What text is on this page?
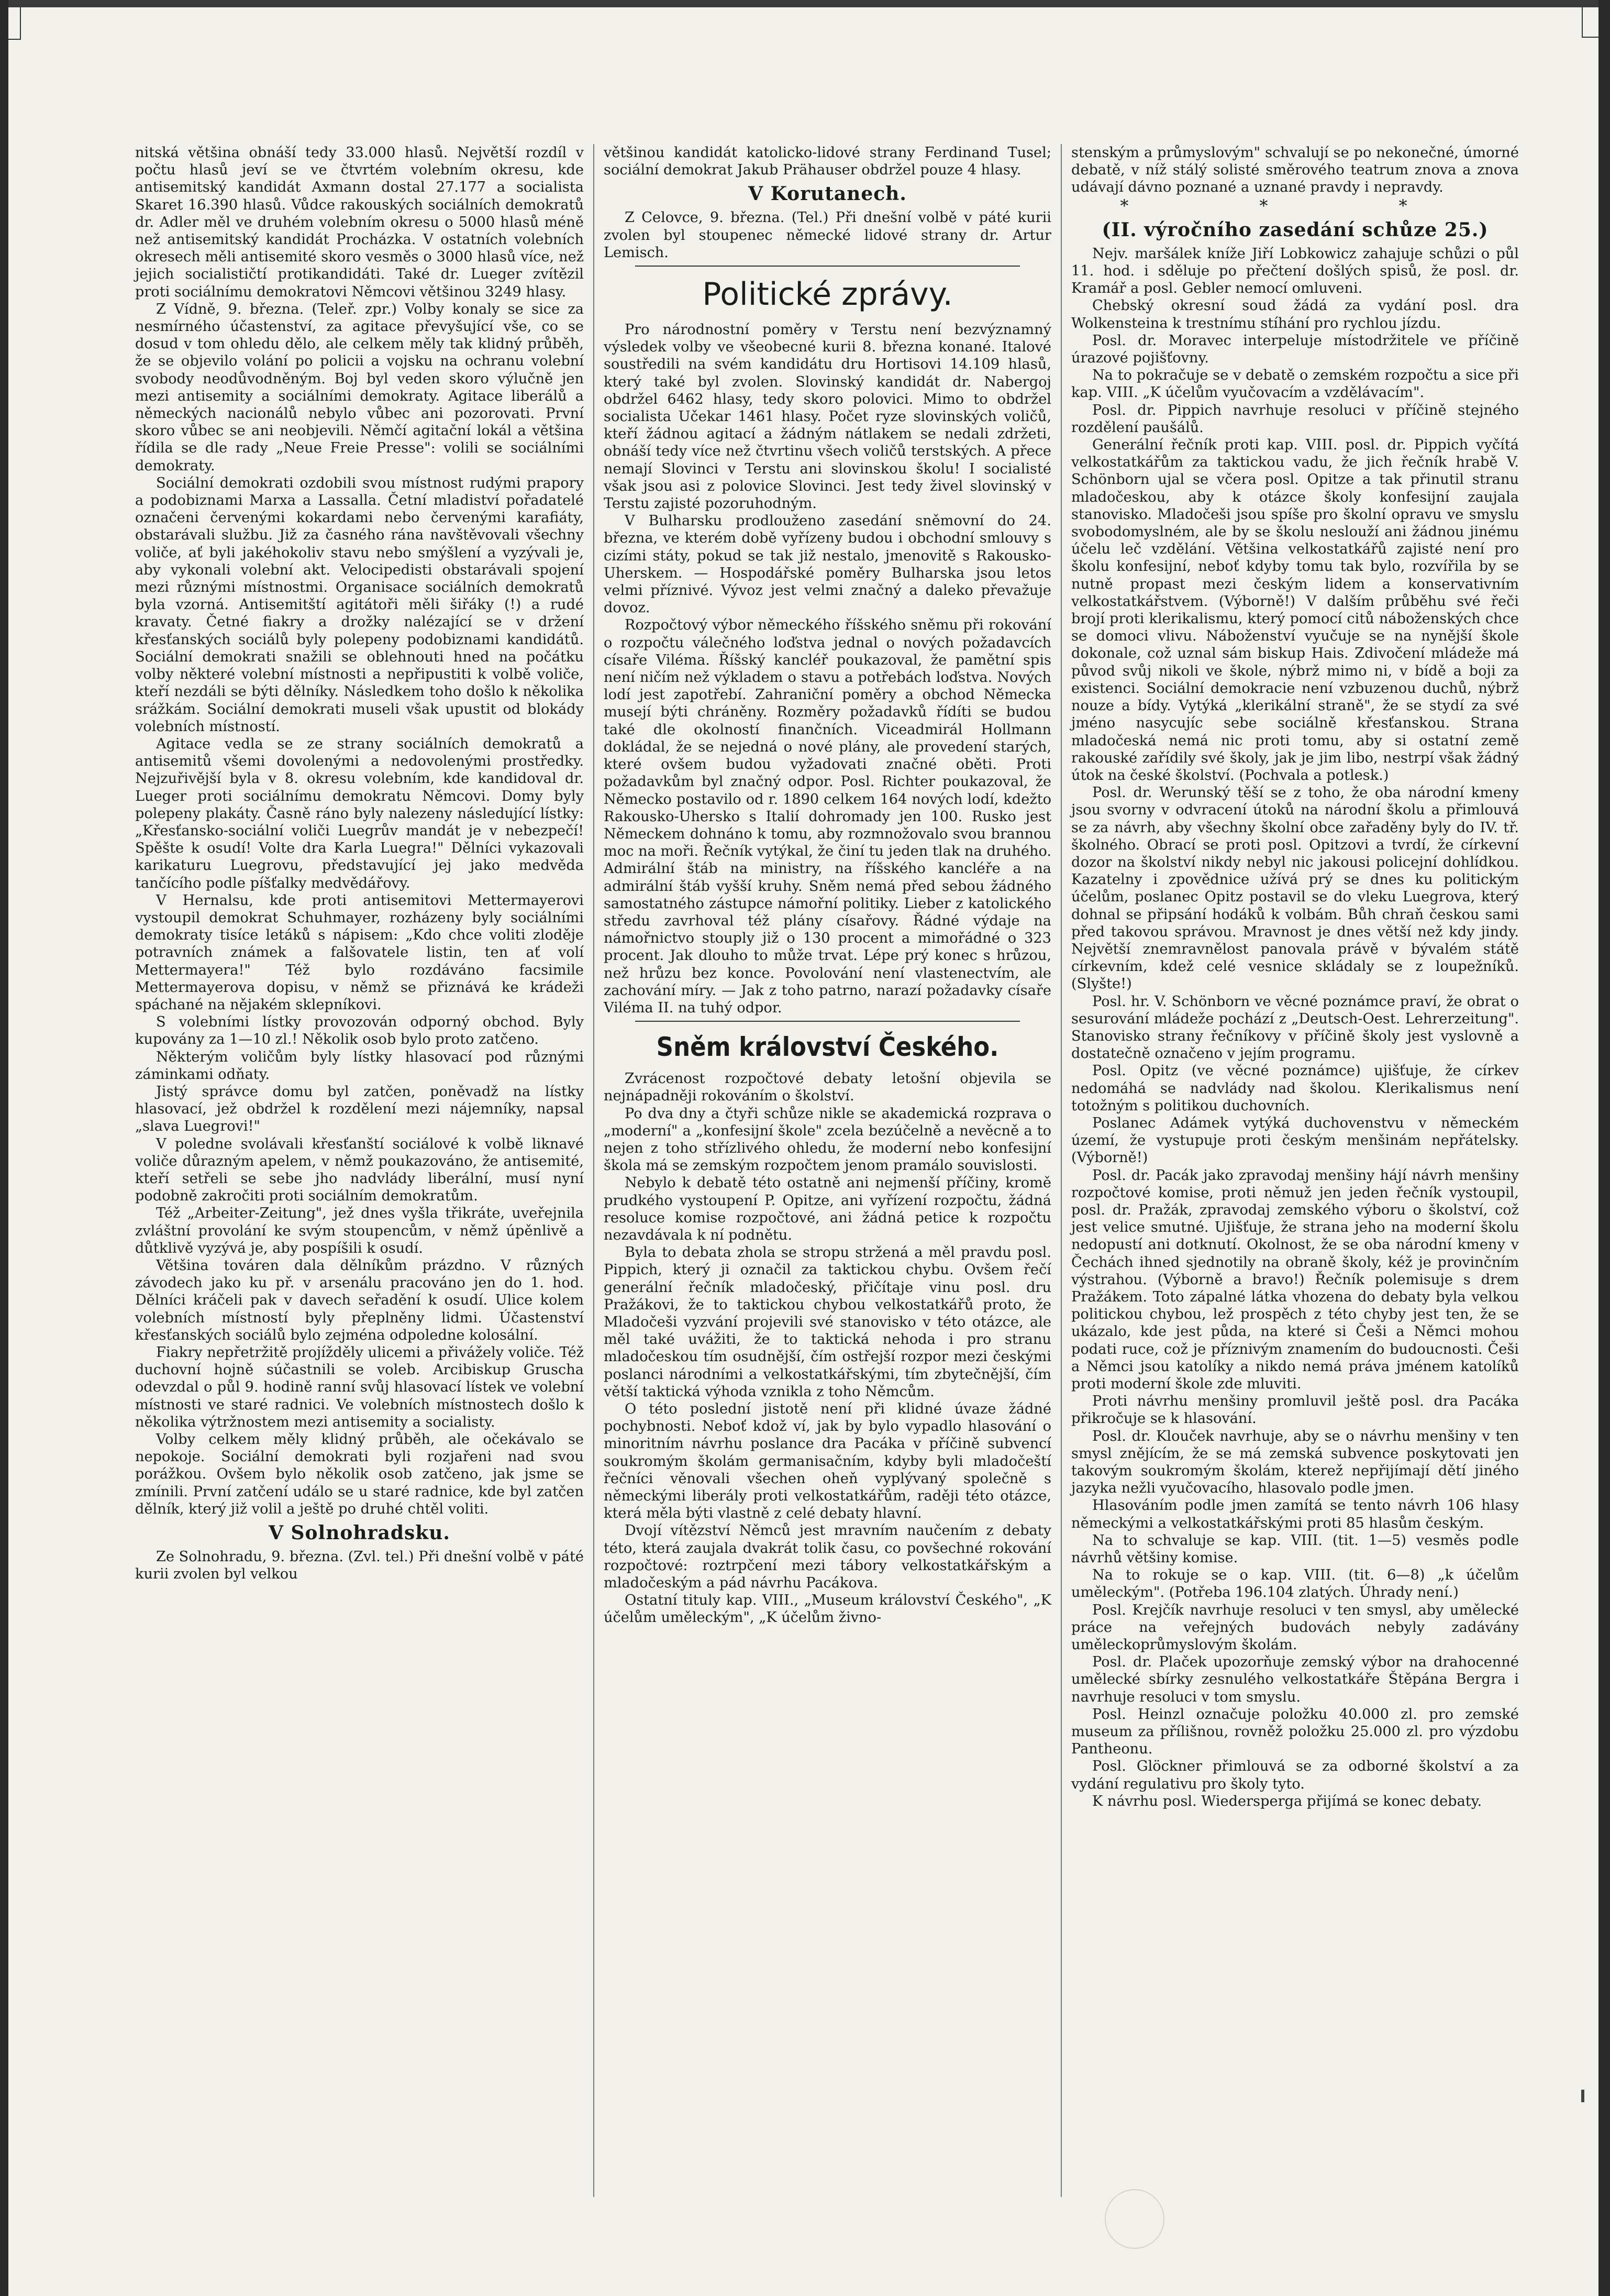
nitská většina obnáší tedy 33.000 hlasů. Největší rozdíl v počtu hlasů jeví se ve čtvrtém volebním okresu, kde antisemitský kandidát Axmann dostal 27.177 a socialista Skaret 16.390 hlasů. Vůdce rakouských sociálních demokratů dr. Adler měl ve druhém volebním okresu o 5000 hlasů méně než antisemitský kandidát Procházka. V ostatních volebních okresech měli antisemité skoro vesměs o 3000 hlasů více, než jejich socialističtí protikandidáti. Také dr. Lueger zvítězil proti sociálnímu demokratovi Němcovi většinou 3249 hlasy.

Z Vídně, 9. března. (Teleř. zpr.) Volby konaly se sice za nesmírného účastenství, za agitace převyšující vše, co se dosud v tom ohledu dělo, ale celkem měly tak klidný průběh, že se objevilo volání po policii a vojsku na ochranu volební svobody neodůvodněným. Boj byl veden skoro výlučně jen mezi antisemity a sociálními demokraty. Agitace liberálů a německých nacionálů nebylo vůbec ani pozorovati. První skoro vůbec se ani neobjevili. Němčí agitační lokál a většina řídila se dle rady „Neue Freie Presse": volili se sociálními demokraty.

Sociální demokrati ozdobili svou místnost rudými prapory a podobiznami Marxa a Lassalla. Četní mladiství pořadatelé označeni červenými kokardami nebo červenými karafiáty, obstarávali službu. Již za časného rána navštěvovali všechny voliče, ať byli jakéhokoliv stavu nebo smýšlení a vyzývali je, aby vykonali volební akt. Velocipedisti obstarávali spojení mezi různými místnostmi. Organisace sociálních demokratů byla vzorná. Antisemitští agitátoři měli šiřáky (!) a rudé kravaty. Četné fiakry a drožky nalézající se v držení křesťanských sociálů byly polepeny podobiznami kandidátů. Sociální demokrati snažili se oblehnouti hned na počátku volby některé volební místnosti a nepřipustiti k volbě voliče, kteří nezdáli se býti dělníky. Následkem toho došlo k několika srážkám. Sociální demokrati museli však upustit od blokády volebních místností.

Agitace vedla se ze strany sociálních demokratů a antisemitů všemi dovolenými a nedovolenými prostředky. Nejzuřivější byla v 8. okresu volebním, kde kandidoval dr. Lueger proti sociálnímu demokratu Němcovi. Domy byly polepeny plakáty. Časně ráno byly nalezeny následující lístky: „Křesťansko-sociální voliči Luegrův mandát je v nebezpečí! Spěšte k osudí! Volte dra Karla Luegra!" Dělníci vykazovali karikaturu Luegrovu, představující jej jako medvěda tančícího podle píšťalky medvědářovy.

V Hernalsu, kde proti antisemitovi Mettermayerovi vystoupil demokrat Schuhmayer, rozházeny byly sociálními demokraty tisíce letáků s nápisem: „Kdo chce voliti zloděje potravních známek a falšovatele listin, ten ať volí Mettermayera!" Též bylo rozdáváno facsimile Mettermayerova dopisu, v němž se přiznává ke krádeži spáchané na nějakém sklepníkovi.

S volebními lístky provozován odporný obchod. Byly kupovány za 1—10 zl.! Několik osob bylo proto zatčeno.

Některým voličům byly lístky hlasovací pod různými záminkami odňaty.

Jistý správce domu byl zatčen, poněvadž na lístky hlasovací, jež obdržel k rozdělení mezi nájemníky, napsal „slava Luegrovi!"

V poledne svolávali křesťanští sociálové k volbě liknavé voliče důrazným apelem, v němž poukazováno, že antisemité, kteří setřeli se sebe jho nadvlády liberální, musí nyní podobně zakročiti proti sociálním demokratům.

Též „Arbeiter-Zeitung", jež dnes vyšla třikráte, uveřejnila zvláštní provolání ke svým stoupencům, v němž úpěnlivě a důtklivě vyzývá je, aby pospíšili k osudí.

Většina továren dala dělníkům prázdno. V různých závodech jako ku př. v arsenálu pracováno jen do 1. hod. Dělníci kráčeli pak v davech seřadění k osudí. Ulice kolem volebních místností byly přeplněny lidmi. Účastenství křesťanských sociálů bylo zejména odpoledne kolosální.

Fiakry nepřetržitě projížděly ulicemi a přivážely voliče. Též duchovní hojně súčastnili se voleb. Arcibiskup Gruscha odevzdal o půl 9. hodině ranní svůj hlasovací lístek ve volební místnosti ve staré radnici. Ve volebních místnostech došlo k několika výtržnostem mezi antisemity a socialisty.

Volby celkem měly klidný průběh, ale očekávalo se nepokoje. Sociální demokrati byli rozjařeni nad svou porážkou. Ovšem bylo několik osob zatčeno, jak jsme se zmínili. První zatčení událo se u staré radnice, kde byl zatčen dělník, který již volil a ještě po druhé chtěl voliti.

V Solnohradsku.

Ze Solnohradu, 9. března. (Zvl. tel.) Při dnešní volbě v páté kurii zvolen byl velkou

většinou kandidát katolicko-lidové strany Ferdinand Tusel; sociální demokrat Jakub Prähauser obdržel pouze 4 hlasy.

V Korutanech.

Z Celovce, 9. března. (Tel.) Při dnešní volbě v páté kurii zvolen byl stoupenec německé lidové strany dr. Artur Lemisch.

Politické zprávy.

Pro národnostní poměry v Terstu není bezvýznamný výsledek volby ve všeobecné kurii 8. března konané. Italové soustředili na svém kandidátu dru Hortisovi 14.109 hlasů, který také byl zvolen. Slovinský kandidát dr. Nabergoj obdržel 6462 hlasy, tedy skoro polovici. Mimo to obdržel socialista Učekar 1461 hlasy. Počet ryze slovinských voličů, kteří žádnou agitací a žádným nátlakem se nedali zdržeti, obnáší tedy více než čtvrtinu všech voličů terstských. A přece nemají Slovinci v Terstu ani slovinskou školu! I socialisté však jsou asi z polovice Slovinci. Jest tedy živel slovinský v Terstu zajisté pozoruhodným.

V Bulharsku prodlouženo zasedání sněmovní do 24. března, ve kterém době vyřízeny budou i obchodní smlouvy s cizími státy, pokud se tak již nestalo, jmenovitě s Rakousko-Uherskem. — Hospodářské poměry Bulharska jsou letos velmi příznivé. Vývoz jest velmi značný a daleko převažuje dovoz.

Rozpočtový výbor německého říšského sněmu při rokování o rozpočtu válečného loďstva jednal o nových požadavcích císaře Viléma. Říšský kancléř poukazoval, že pamětní spis není ničím než výkladem o stavu a potřebách loďstva. Nových lodí jest zapotřebí. Zahraniční poměry a obchod Německa musejí býti chráněny. Rozměry požadavků řídíti se budou také dle okolností finančních. Viceadmirál Hollmann dokládal, že se nejedná o nové plány, ale provedení starých, které ovšem budou vyžadovati značné oběti. Proti požadavkům byl značný odpor. Posl. Richter poukazoval, že Německo postavilo od r. 1890 celkem 164 nových lodí, kdežto Rakousko-Uhersko s Italií dohromady jen 100. Rusko jest Německem dohnáno k tomu, aby rozmnožovalo svou brannou moc na moři. Řečník vytýkal, že činí tu jeden tlak na druhého. Admirální štáb na ministry, na říšského kancléře a na admirální štáb vyšší kruhy. Sněm nemá před sebou žádného samostatného zástupce námořní politiky. Lieber z katolického středu zavrhoval též plány císařovy. Řádné výdaje na námořnictvo stouply již o 130 procent a mimořádné o 323 procent. Jak dlouho to může trvat. Lépe prý konec s hrůzou, než hrůzu bez konce. Povolování není vlastenectvím, ale zachování míry. — Jak z toho patrno, narazí požadavky císaře Viléma II. na tuhý odpor.

Sněm království Českého.

Zvrácenost rozpočtové debaty letošní objevila se nejnápadněji rokováním o školství.

Po dva dny a čtyři schůze nikle se akademická rozprava o „moderní" a „konfesijní škole" zcela bezúčelně a nevěcně a to nejen z toho střízlivého ohledu, že moderní nebo konfesijní škola má se zemským rozpočtem jenom pramálo souvislosti.

Nebylo k debatě této ostatně ani nejmenší příčiny, kromě prudkého vystoupení P. Opitze, ani vyřízení rozpočtu, žádná resoluce komise rozpočtové, ani žádná petice k rozpočtu nezavdávala k ní podnětu.

Byla to debata zhola se stropu stržená a měl pravdu posl. Pippich, který ji označil za taktickou chybu. Ovšem řečí generální řečník mladočeský, přičítaje vinu posl. dru Pražákovi, že to taktickou chybou velkostatkářů proto, že Mladočeši vyzvání projevili své stanovisko v této otázce, ale měl také uvážiti, že to taktická nehoda i pro stranu mladočeskou tím osudnější, čím ostřejší rozpor mezi českými poslanci národními a velkostatkářskými, tím zbytečnější, čím větší taktická výhoda vznikla z toho Němcům.

O této poslední jistotě není při klidné úvaze žádné pochybnosti. Neboť kdož ví, jak by bylo vypadlo hlasování o minoritním návrhu poslance dra Pacáka v příčině subvencí soukromým školám germanisačním, kdyby byli mladočeští řečníci věnovali všechen oheň vyplývaný společně s německými liberály proti velkostatkářům, raději této otázce, která měla býti vlastně z celé debaty hlavní.

Dvojí vítězství Němců jest mravním naučením z debaty této, která zaujala dvakrát tolik času, co povšechné rokování rozpočtové: roztrpčení mezi tábory velkostatkářským a mladočeským a pád návrhu Pacákova.

Ostatní tituly kap. VIII., „Museum království Českého", „K účelům uměleckým", „K účelům živno-

stenským a průmyslovým" schvalují se po nekonečné, úmorné debatě, v níž stálý solisté směrového teatrum znova a znova udávají dávno poznané a uznané pravdy i nepravdy.

* * *
(II. výročního zasedání schůze 25.)

Nejv. maršálek kníže Jiří Lobkowicz zahajuje schůzi o půl 11. hod. i sděluje po přečtení došlých spisů, že posl. dr. Kramář a posl. Gebler nemocí omluveni.

Chebský okresní soud žádá za vydání posl. dra Wolkensteina k trestnímu stíhání pro rychlou jízdu.

Posl. dr. Moravec interpeluje místodržitele ve příčině úrazové pojišťovny.

Na to pokračuje se v debatě o zemském rozpočtu a sice při kap. VIII. „K účelům vyučovacím a vzdělávacím".

Posl. dr. Pippich navrhuje resoluci v příčině stejného rozdělení paušálů.

Generální řečník proti kap. VIII. posl. dr. Pippich vyčítá velkostatkářům za taktickou vadu, že jich řečník hrabě V. Schönborn ujal se včera posl. Opitze a tak přinutil stranu mladočeskou, aby k otázce školy konfesijní zaujala stanovisko. Mladočeši jsou spíše pro školní opravu ve smyslu svobodomyslném, ale by se školu neslouží ani žádnou jinému účelu leč vzdělání. Většina velkostatkářů zajisté není pro školu konfesijní, neboť kdyby tomu tak bylo, rozvířila by se nutně propast mezi českým lidem a konservativním velkostatkářstvem. (Výborně!) V dalším průběhu své řeči brojí proti klerikalismu, který pomocí citů náboženských chce se domoci vlivu. Náboženství vyučuje se na nynější škole dokonale, což uznal sám biskup Hais. Zdivočení mládeže má původ svůj nikoli ve škole, nýbrž mimo ni, v bídě a boji za existenci. Sociální demokracie není vzbuzenou duchů, nýbrž nouze a bídy. Vytýká „klerikální straně", že se stydí za své jméno nasycujíc sebe sociálně křesťanskou. Strana mladočeská nemá nic proti tomu, aby si ostatní země rakouské zařídily své školy, jak je jim libo, nestrpí však žádný útok na české školství. (Pochvala a potlesk.)

Posl. dr. Werunský těší se z toho, že oba národní kmeny jsou svorny v odvracení útoků na národní školu a přimlouvá se za návrh, aby všechny školní obce zařaděny byly do IV. tř. školného. Obrací se proti posl. Opitzovi a tvrdí, že církevní dozor na školství nikdy nebyl nic jakousi policejní dohlídkou. Kazatelny i zpovědnice užívá prý se dnes ku politickým účelům, poslanec Opitz postavil se do vleku Luegrova, který dohnal se připsání hodáků k volbám. Bůh chraň českou sami před takovou správou. Mravnost je dnes větší než kdy jindy. Největší znemravnělost panovala právě v bývalém státě církevním, kdež celé vesnice skládaly se z loupežníků. (Slyšte!)

Posl. hr. V. Schönborn ve věcné poznámce praví, že obrat o sesurování mládeže pochází z „Deutsch-Oest. Lehrerzeitung". Stanovisko strany řečníkovy v příčině školy jest vyslovně a dostatečně označeno v jejím programu.

Posl. Opitz (ve věcné poznámce) ujišťuje, že církev nedomáhá se nadvlády nad školou. Klerikalismus není totožným s politikou duchovních.

Poslanec Adámek vytýká duchovenstvu v německém území, že vystupuje proti českým menšinám nepřátelsky. (Výborně!)

Posl. dr. Pacák jako zpravodaj menšiny hájí návrh menšiny rozpočtové komise, proti němuž jen jeden řečník vystoupil, posl. dr. Pražák, zpravodaj zemského výboru o školství, což jest velice smutné. Ujišťuje, že strana jeho na moderní školu nedopustí ani dotknutí. Okolnost, že se oba národní kmeny v Čechách ihned sjednotily na obraně školy, kéž je provinčním výstrahou. (Výborně a bravo!) Řečník polemisuje s drem Pražákem. Toto zápalné látka vhozena do debaty byla velkou politickou chybou, lež prospěch z této chyby jest ten, že se ukázalo, kde jest půda, na které si Češi a Němci mohou podati ruce, což je příznivým znamením do budoucnosti. Češi a Němci jsou katolíky a nikdo nemá práva jménem katolíků proti moderní škole zde mluviti.

Proti návrhu menšiny promluvil ještě posl. dra Pacáka přikročuje se k hlasování.

Posl. dr. Klouček navrhuje, aby se o návrhu menšiny v ten smysl znějícím, že se má zemská subvence poskytovati jen takovým soukromým školám, kterež nepřijímají dětí jiného jazyka nežli vyučovacího, hlasovalo podle jmen.

Hlasováním podle jmen zamítá se tento návrh 106 hlasy německými a velkostatkářskými proti 85 hlasům českým.

Na to schvaluje se kap. VIII. (tit. 1—5) vesměs podle návrhů většiny komise.

Na to rokuje se o kap. VIII. (tit. 6—8) „k účelům uměleckým". (Potřeba 196.104 zlatých. Úhrady není.)

Posl. Krejčík navrhuje resoluci v ten smysl, aby umělecké práce na veřejných budovách nebyly zadávány uměleckoprůmyslovým školám.

Posl. dr. Plaček upozorňuje zemský výbor na drahocenné umělecké sbírky zesnulého velkostatkáře Štěpána Bergra i navrhuje resoluci v tom smyslu.

Posl. Heinzl označuje položku 40.000 zl. pro zemské museum za přílišnou, rovněž položku 25.000 zl. pro výzdobu Pantheonu.

Posl. Glöckner přimlouvá se za odborné školství a za vydání regulativu pro školy tyto.

K návrhu posl. Wiederspergа přijímá se konec debaty.
